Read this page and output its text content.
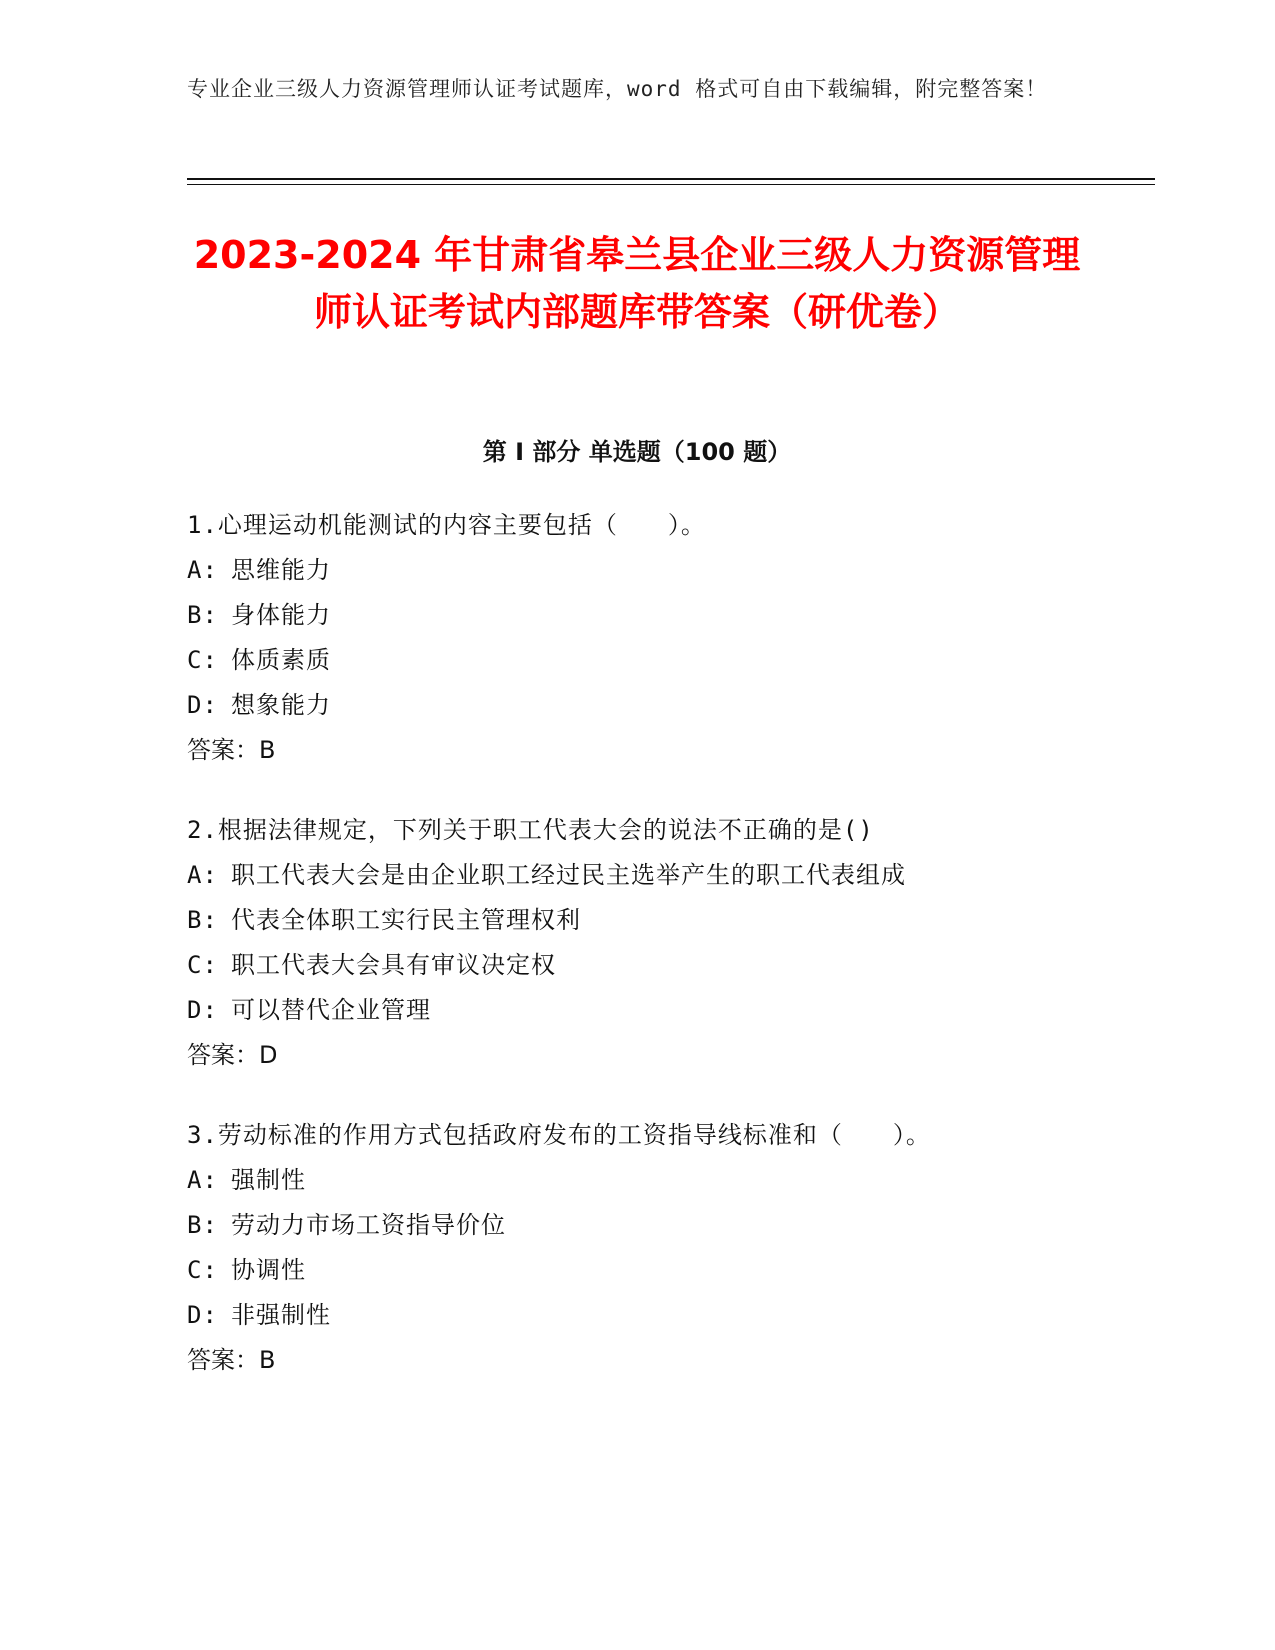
专业企业三级人力资源管理师认证考试题库，word 格式可自由下载编辑，附完整答案！
2023-2024 年甘肃省皋兰县企业三级人力资源管理师认证考试内部题库带答案（研优卷）
第 I 部分 单选题（100 题）
1.心理运动机能测试的内容主要包括（　　）。
A: 思维能力
B: 身体能力
C: 体质素质
D: 想象能力
答案：B
2.根据法律规定，下列关于职工代表大会的说法不正确的是()
A: 职工代表大会是由企业职工经过民主选举产生的职工代表组成
B: 代表全体职工实行民主管理权利
C: 职工代表大会具有审议决定权
D: 可以替代企业管理
答案：D
3.劳动标准的作用方式包括政府发布的工资指导线标准和（　　）。
A: 强制性
B: 劳动力市场工资指导价位
C: 协调性
D: 非强制性
答案：B
